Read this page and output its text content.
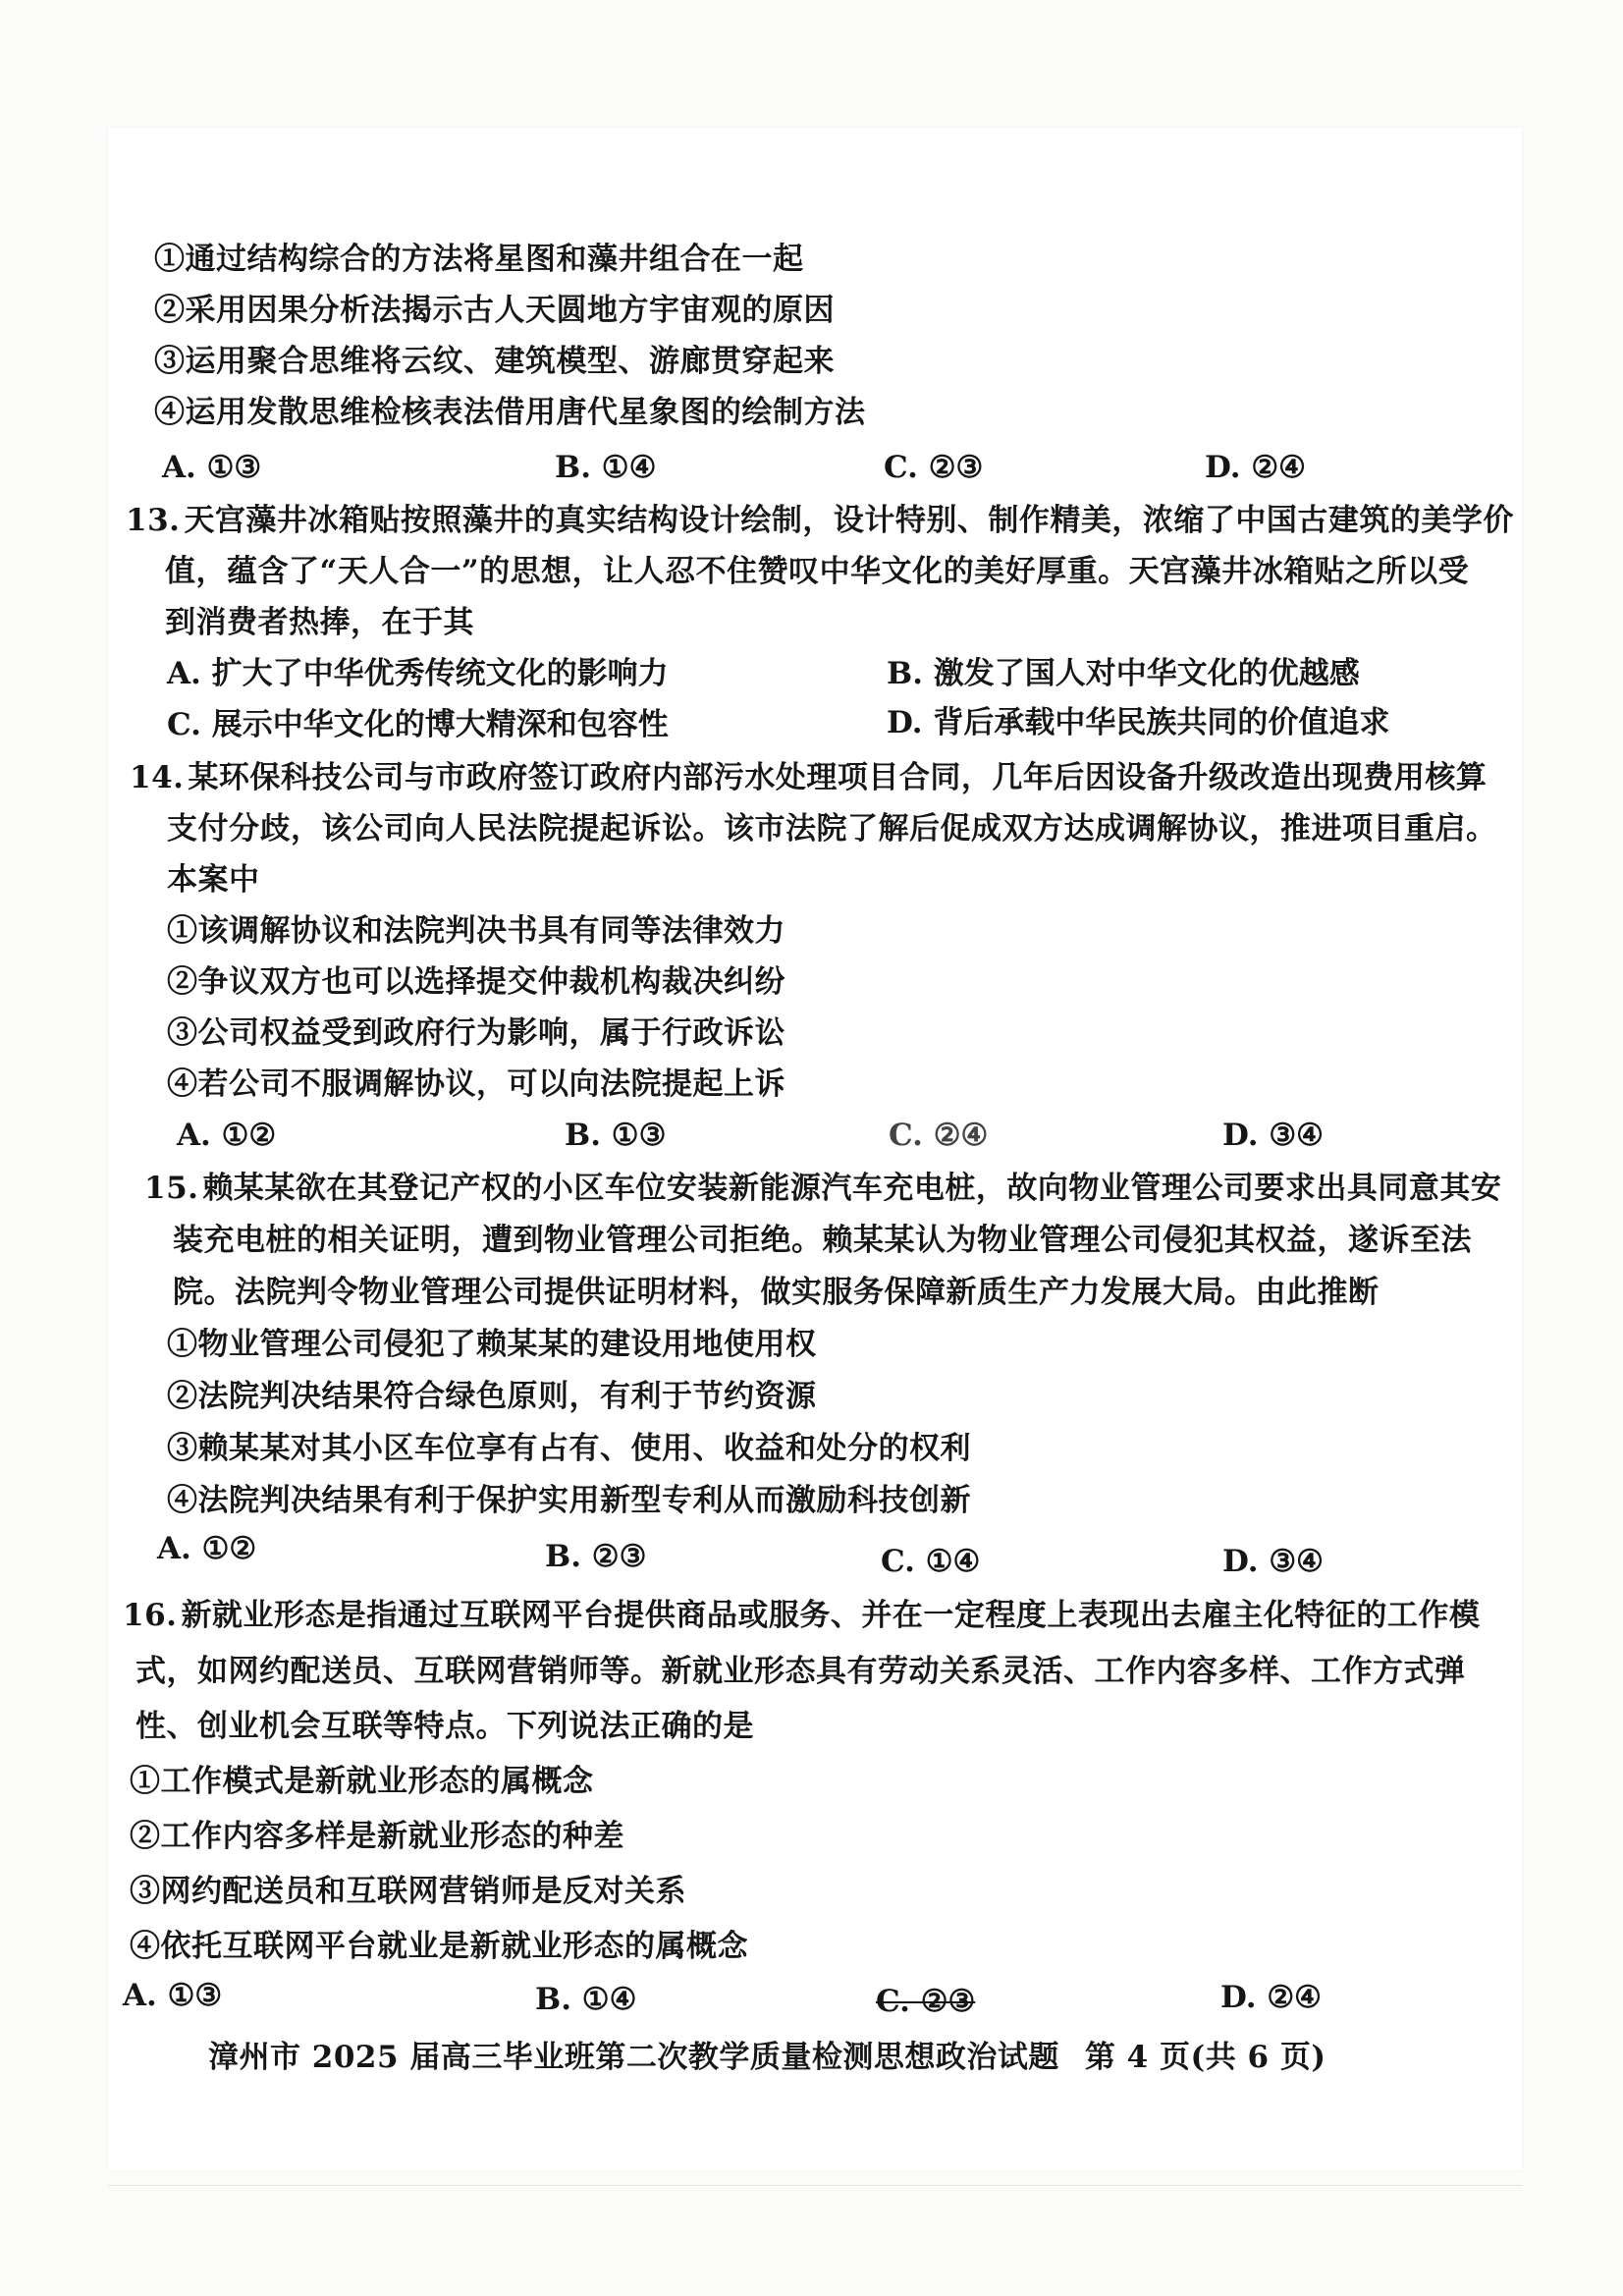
①通过结构综合的方法将星图和藻井组合在一起
②采用因果分析法揭示古人天圆地方宇宙观的原因
③运用聚合思维将云纹、建筑模型、游廊贯穿起来
④运用发散思维检核表法借用唐代星象图的绘制方法
A. ①③	B. ①④	C. ②③	D. ②④
13. 天宫藻井冰箱贴按照藻井的真实结构设计绘制，设计特别、制作精美，浓缩了中国古建筑的美学价
值，蕴含了“天人合一”的思想，让人忍不住赞叹中华文化的美好厚重。天宫藻井冰箱贴之所以受
到消费者热捧，在于其
A. 扩大了中华优秀传统文化的影响力	B. 激发了国人对中华文化的优越感
C. 展示中华文化的博大精深和包容性	D. 背后承载中华民族共同的价值追求
14. 某环保科技公司与市政府签订政府内部污水处理项目合同，几年后因设备升级改造出现费用核算
支付分歧，该公司向人民法院提起诉讼。该市法院了解后促成双方达成调解协议，推进项目重启。
本案中
①该调解协议和法院判决书具有同等法律效力
②争议双方也可以选择提交仲裁机构裁决纠纷
③公司权益受到政府行为影响，属于行政诉讼
④若公司不服调解协议，可以向法院提起上诉
A. ①②	B. ①③	C. ②④	D. ③④
15. 赖某某欲在其登记产权的小区车位安装新能源汽车充电桩，故向物业管理公司要求出具同意其安
装充电桩的相关证明，遭到物业管理公司拒绝。赖某某认为物业管理公司侵犯其权益，遂诉至法
院。法院判令物业管理公司提供证明材料，做实服务保障新质生产力发展大局。由此推断
①物业管理公司侵犯了赖某某的建设用地使用权
②法院判决结果符合绿色原则，有利于节约资源
③赖某某对其小区车位享有占有、使用、收益和处分的权利
④法院判决结果有利于保护实用新型专利从而激励科技创新
A. ①②	B. ②③	C. ①④	D. ③④
16. 新就业形态是指通过互联网平台提供商品或服务、并在一定程度上表现出去雇主化特征的工作模
式，如网约配送员、互联网营销师等。新就业形态具有劳动关系灵活、工作内容多样、工作方式弹
性、创业机会互联等特点。下列说法正确的是
①工作模式是新就业形态的属概念
②工作内容多样是新就业形态的种差
③网约配送员和互联网营销师是反对关系
④依托互联网平台就业是新就业形态的属概念
A. ①③	B. ①④	C. ②③	D. ②④
漳州市 2025 届高三毕业班第二次教学质量检测思想政治试题 第 4 页(共 6 页)
